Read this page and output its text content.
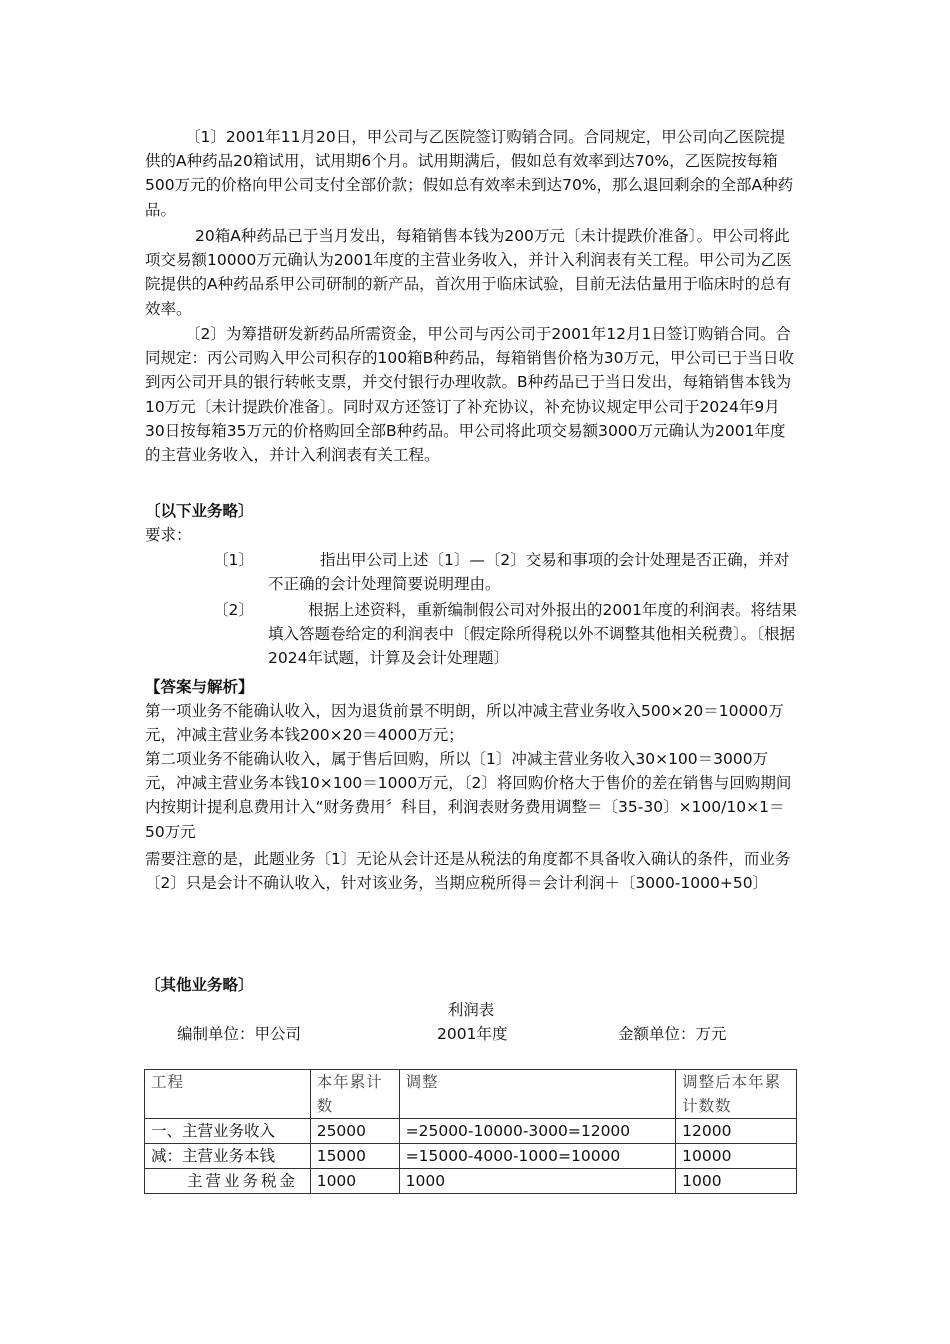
〔1〕2001年11月20日，甲公司与乙医院签订购销合同。合同规定，甲公司向乙医院提供的A种药品20箱试用，试用期6个月。试用期满后，假如总有效率到达70%，乙医院按每箱500万元的价格向甲公司支付全部价款；假如总有效率未到达70%，那么退回剩余的全部A种药品。

20箱A种药品已于当月发出，每箱销售本钱为200万元〔未计提跌价准备〕。甲公司将此项交易额10000万元确认为2001年度的主营业务收入，并计入利润表有关工程。甲公司为乙医院提供的A种药品系甲公司研制的新产品，首次用于临床试验，目前无法估量用于临床时的总有效率。

〔2〕为筹措研发新药品所需资金，甲公司与丙公司于2001年12月1日签订购销合同。合同规定：丙公司购入甲公司积存的100箱B种药品，每箱销售价格为30万元，甲公司已于当日收到丙公司开具的银行转帐支票，并交付银行办理收款。B种药品已于当日发出，每箱销售本钱为10万元〔未计提跌价准备〕。同时双方还签订了补充协议，补充协议规定甲公司于2024年9月30日按每箱35万元的价格购回全部B种药品。甲公司将此项交易额3000万元确认为2001年度的主营业务收入，并计入利润表有关工程。

〔以下业务略〕

要求：

〔1〕	指出甲公司上述〔1〕—〔2〕交易和事项的会计处理是否正确，并对不正确的会计处理简要说明理由。
〔2〕	根据上述资料，重新编制假公司对外报出的2001年度的利润表。将结果填入答题卷给定的利润表中〔假定除所得税以外不调整其他相关税费〕。〔根据2024年试题，计算及会计处理题〕

【答案与解析】

第一项业务不能确认收入，因为退货前景不明朗，所以冲减主营业务收入500×20＝10000万元，冲减主营业务本钱200×20＝4000万元；

第二项业务不能确认收入，属于售后回购，所以〔1〕冲减主营业务收入30×100＝3000万元，冲减主营业务本钱10×100＝1000万元，〔2〕将回购价格大于售价的差在销售与回购期间内按期计提利息费用计入“财务费用〞科目，利润表财务费用调整＝〔35-30〕×100/10×1＝50万元

需要注意的是，此题业务〔1〕无论从会计还是从税法的角度都不具备收入确认的条件，而业务〔2〕只是会计不确认收入，针对该业务，当期应税所得＝会计利润＋〔3000-1000+50〕

〔其他业务略〕

利润表
编制单位：甲公司	2001年度	金额单位：万元
工程	本年累计数	调整	调整后本年累计数数
一、主营业务收入	25000	=25000-10000-3000=12000	12000
减：主营业务本钱	15000	=15000-4000-1000=10000	10000
主营业务税金	1000	1000	1000
